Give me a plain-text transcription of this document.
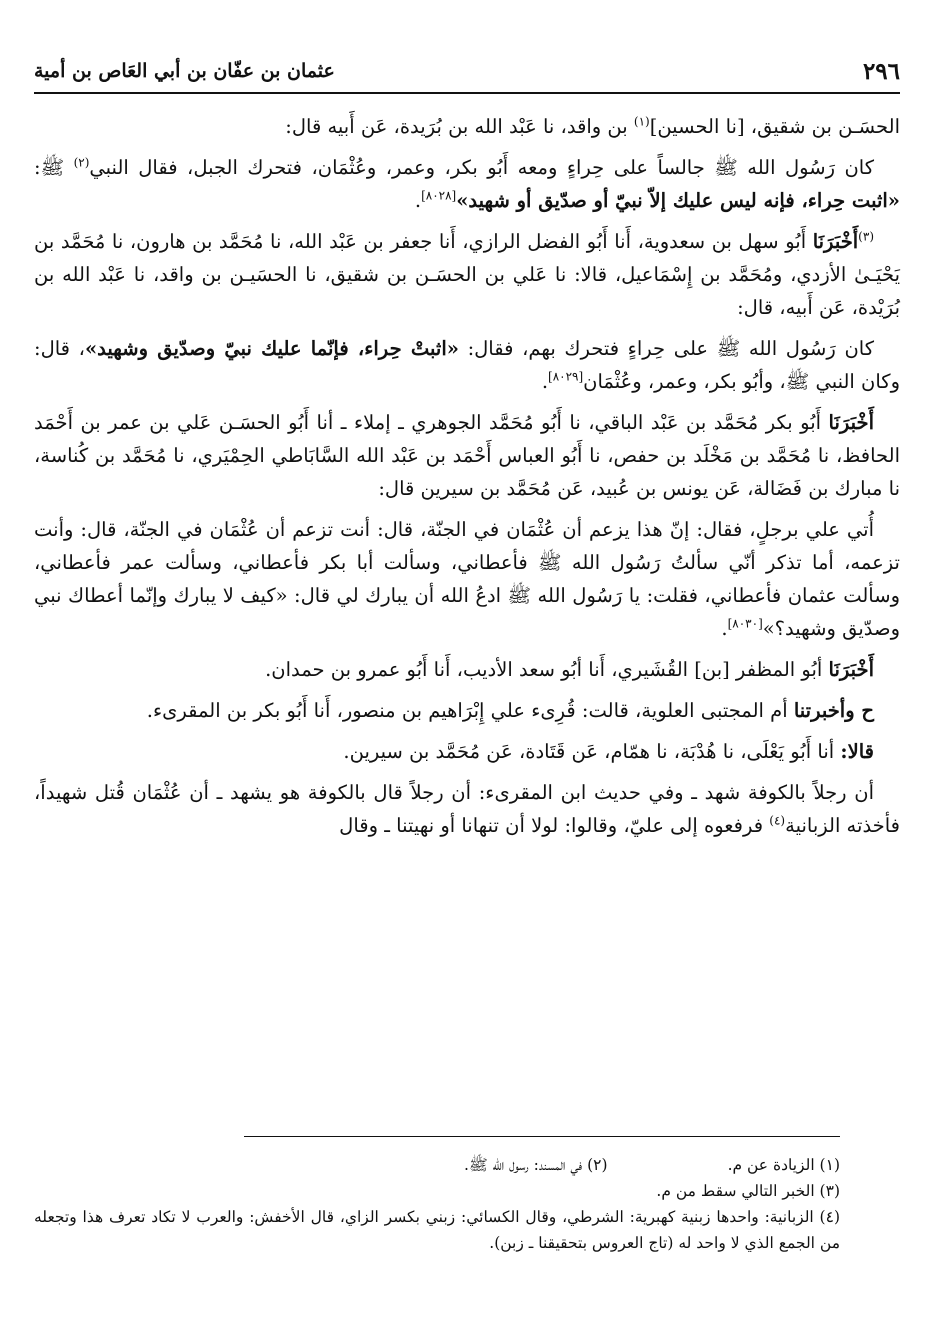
٢٩٦
عثمان بن عفّان بن أبي العَاص بن أمية

الحسَـن بن شقيق، [نا الحسين]$^{(١)}$ بن واقد، نا عَبْد الله بن بُرَيدة، عَن أَبيه قال:

كان رَسُول الله ﷺ جالساً على حِراءٍ ومعه أَبُو بكر، وعمر، وعُثْمَان، فتحرك الجبل، فقال النبي$^{(٢)}$ ﷺ: «اثبت حِراء، فإنه ليس عليك إلاّ نبيّ أو صدّيق أو شهيد»[٨٠٢٨].

$^{(٣)}$أَخْبَرَنَا أَبُو سهل بن سعدوية، أَنا أَبُو الفضل الرازي، أَنا جعفر بن عَبْد الله، نا مُحَمَّد بن هارون، نا مُحَمَّد بن يَحْيَـىٰ الأزدي، ومُحَمَّد بن إِسْمَاعيل، قالا: نا عَلي بن الحسَـن بن شقيق، نا الحسَيـن بن واقد، نا عَبْد الله بن بُرَيْدة، عَن أَبيه، قال:

كان رَسُول الله ﷺ على حِراءٍ فتحرك بهم، فقال: «اثبتْ حِراء، فإنّما عليك نبيّ وصدّيق وشهيد»، قال: وكان النبي ﷺ، وأبُو بكر، وعمر، وعُثْمَان[٨٠٢٩].

أَخْبَرَنَا أَبُو بكر مُحَمَّد بن عَبْد الباقي، نا أَبُو مُحَمَّد الجوهري ـ إملاء ـ أنا أَبُو الحسَـن عَلي بن عمر بن أَحْمَد الحافظ، نا مُحَمَّد بن مَخْلَد بن حفص، نا أَبُو العباس أَحْمَد بن عَبْد الله السَّابَاطي الحِمْيَري، نا مُحَمَّد بن كُناسة، نا مبارك بن فَضَالة، عَن يونس بن عُبيد، عَن مُحَمَّد بن سيرين قال:

أُتي علي برجلٍ، فقال: إنّ هذا يزعم أن عُثْمَان في الجنّة، قال: أنت تزعم أن عُثْمَان في الجنّة، قال: وأنت تزعمه، أما تذكر أنّي سألتُ رَسُول الله ﷺ فأعطاني، وسألت أبا بكر فأعطاني، وسألت عمر فأعطاني، وسألت عثمان فأعطاني، فقلت: يا رَسُول الله ﷺ ادعُ الله أن يبارك لي قال: «كيف لا يبارك وإنّما أعطاك نبي وصدّيق وشهيد؟»[٨٠٣٠].

أَخْبَرَنَا أبُو المظفر [بن] القُشَيري، أَنا أبُو سعد الأديب، أَنا أَبُو عمرو بن حمدان.

ح وأخبرتنا أم المجتبى العلوية، قالت: قُرِىء علي إِبْرَاهيم بن منصور، أَنا أَبُو بكر بن المقرىء.

قالا: أنا أَبُو يَعْلَى، نا هُدْبَة، نا همّام، عَن قَتَادة، عَن مُحَمَّد بن سيرين.

أن رجلاً بالكوفة شهد ـ وفي حديث ابن المقرىء: أن رجلاً قال بالكوفة هو يشهد ـ أن عُثْمَان قُتل شهيداً، فأخذته الزبانية$^{(٤)}$ فرفعوه إلى عليّ، وقالوا: لولا أن تنهانا أو نهيتنا ـ وقال

(١) الزيادة عن م.
(٢) في المسند: رسول الله ﷺ.
(٣) الخبر التالي سقط من م.
(٤) الزبانية: واحدها زبنية كهبرية: الشرطي، وقال الكسائي: زبني بكسر الزاي، قال الأخفش: والعرب لا تكاد تعرف هذا وتجعله من الجمع الذي لا واحد له (تاج العروس بتحقيقنا ـ زبن).
